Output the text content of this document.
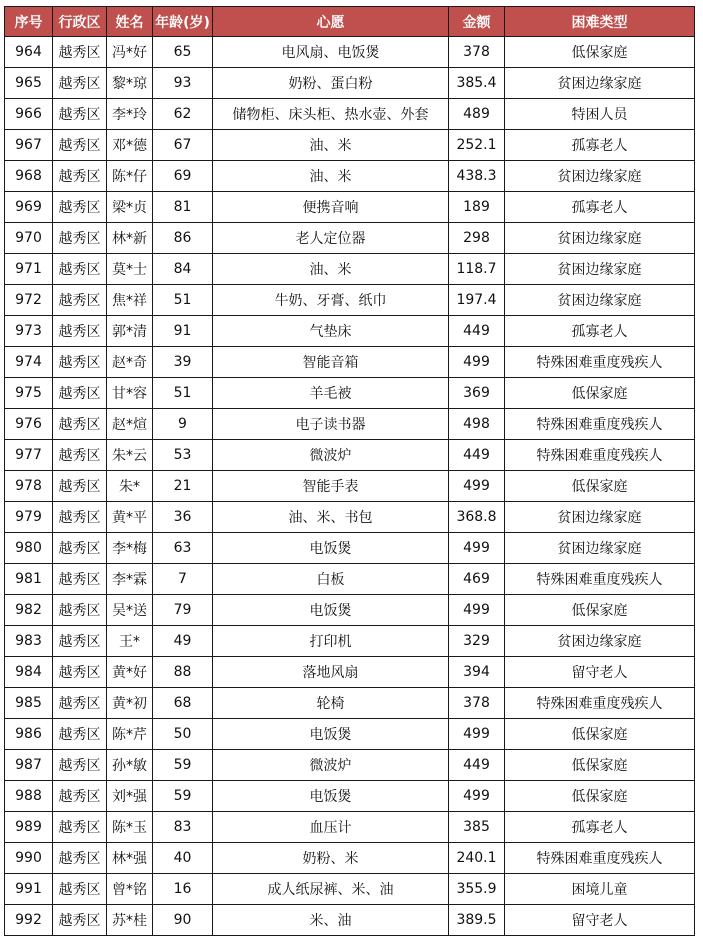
序号	行政区	姓名	年龄(岁)	心愿	金额	困难类型
964	越秀区	冯*好	65	电风扇、电饭煲	378	低保家庭
965	越秀区	黎*琼	93	奶粉、蛋白粉	385.4	贫困边缘家庭
966	越秀区	李*玲	62	储物柜、床头柜、热水壶、外套	489	特困人员
967	越秀区	邓*德	67	油、米	252.1	孤寡老人
968	越秀区	陈*仔	69	油、米	438.3	贫困边缘家庭
969	越秀区	梁*贞	81	便携音响	189	孤寡老人
970	越秀区	林*新	86	老人定位器	298	贫困边缘家庭
971	越秀区	莫*士	84	油、米	118.7	贫困边缘家庭
972	越秀区	焦*祥	51	牛奶、牙膏、纸巾	197.4	贫困边缘家庭
973	越秀区	郭*清	91	气垫床	449	孤寡老人
974	越秀区	赵*奇	39	智能音箱	499	特殊困难重度残疾人
975	越秀区	甘*容	51	羊毛被	369	低保家庭
976	越秀区	赵*煊	9	电子读书器	498	特殊困难重度残疾人
977	越秀区	朱*云	53	微波炉	449	特殊困难重度残疾人
978	越秀区	朱*	21	智能手表	499	低保家庭
979	越秀区	黄*平	36	油、米、书包	368.8	贫困边缘家庭
980	越秀区	李*梅	63	电饭煲	499	贫困边缘家庭
981	越秀区	李*霖	7	白板	469	特殊困难重度残疾人
982	越秀区	吴*送	79	电饭煲	499	低保家庭
983	越秀区	王*	49	打印机	329	贫困边缘家庭
984	越秀区	黄*好	88	落地风扇	394	留守老人
985	越秀区	黄*初	68	轮椅	378	特殊困难重度残疾人
986	越秀区	陈*芹	50	电饭煲	499	低保家庭
987	越秀区	孙*敏	59	微波炉	449	低保家庭
988	越秀区	刘*强	59	电饭煲	499	低保家庭
989	越秀区	陈*玉	83	血压计	385	孤寡老人
990	越秀区	林*强	40	奶粉、米	240.1	特殊困难重度残疾人
991	越秀区	曾*铭	16	成人纸尿裤、米、油	355.9	困境儿童
992	越秀区	苏*桂	90	米、油	389.5	留守老人
